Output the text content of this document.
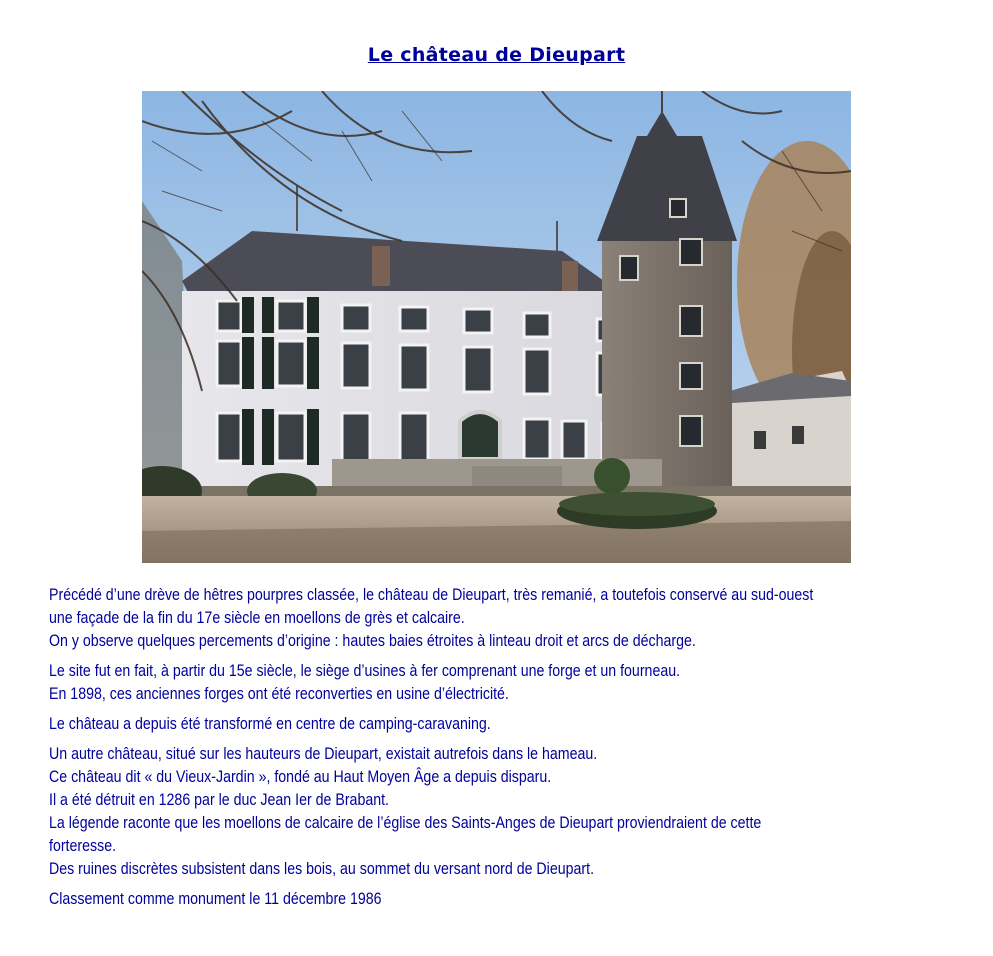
Le château de Dieupart
Précédé d’une drève de hêtres pourpres classée, le château de Dieupart, très remanié, a toutefois conservé au sud-ouest
une façade de la fin du 17e siècle en moellons de grès et calcaire.
On y observe quelques percements d’origine : hautes baies étroites à linteau droit et arcs de décharge.
Le site fut en fait, à partir du 15e siècle, le siège d’usines à fer comprenant une forge et un fourneau.
En 1898, ces anciennes forges ont été reconverties en usine d’électricité.
Le château a depuis été transformé en centre de camping-caravaning.
Un autre château, situé sur les hauteurs de Dieupart, existait autrefois dans le hameau.
Ce château dit « du Vieux-Jardin », fondé au Haut Moyen Âge a depuis disparu.
Il a été détruit en 1286 par le duc Jean Ier de Brabant.
La légende raconte que les moellons de calcaire de l’église des Saints-Anges de Dieupart proviendraient de cette
forteresse.
Des ruines discrètes subsistent dans les bois, au sommet du versant nord de Dieupart.
Classement comme monument le 11 décembre 1986
